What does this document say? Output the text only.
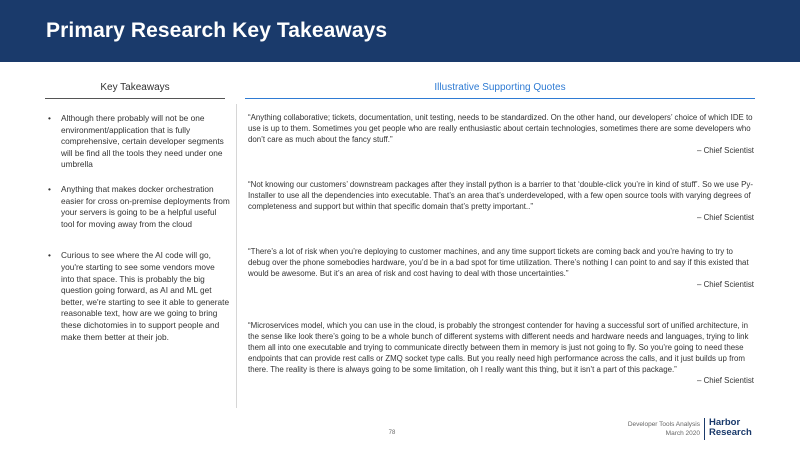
Primary Research Key Takeaways
Key Takeaways	Illustrative Supporting Quotes

• Although there probably will not be one environment/application that is fully comprehensive, certain developer segments will be find all the tools they need under one umbrella

• Anything that makes docker orchestration easier for cross on-premise deployments from your servers is going to be a helpful useful tool for moving away from the cloud

• Curious to see where the AI code will go, you're starting to see some vendors move into that space. This is probably the big question going forward, as AI and ML get better, we're starting to see it able to generate reasonable text, how are we going to bring these dichotomies in to support people and make them better at their job.

“Anything collaborative; tickets, documentation, unit testing, needs to be standardized. On the other hand, our developers’ choice of which IDE to use is up to them. Sometimes you get people who are really enthusiastic about certain technologies, sometimes there are some developers who don’t care as much about the fancy stuff.”

– Chief Scientist

“Not knowing our customers’ downstream packages after they install python is a barrier to that ‘double-click you’re in kind of stuff’. So we use Py-Installer to use all the dependencies into executable. That’s an area that’s underdeveloped, with a few open source tools with varying degrees of completeness and support but within that specific domain that’s pretty important..”

– Chief Scientist

“There’s a lot of risk when you’re deploying to customer machines, and any time support tickets are coming back and you’re having to try to debug over the phone somebodies hardware, you’d be in a bad spot for time utilization. There’s nothing I can point to and say if this existed that would be awesome. But it’s an area of risk and cost having to deal with those uncertainties.”

– Chief Scientist

“Microservices model, which you can use in the cloud, is probably the strongest contender for having a successful sort of unified architecture, in the sense like look there’s going to be a whole bunch of different systems with different needs and hardware needs and languages, trying to link them all into one executable and trying to communicate directly between them in memory is just not going to fly. So you’re going to need these endpoints that can provide rest calls or ZMQ socket type calls. But you really need high performance across the calls, and it just builds up from there. The reality is there is always going to be some limitation, oh I really want this thing, but it isn’t a part of this package.”

– Chief Scientist

78
Developer Tools Analysis
March 2020
Harbor
Research
